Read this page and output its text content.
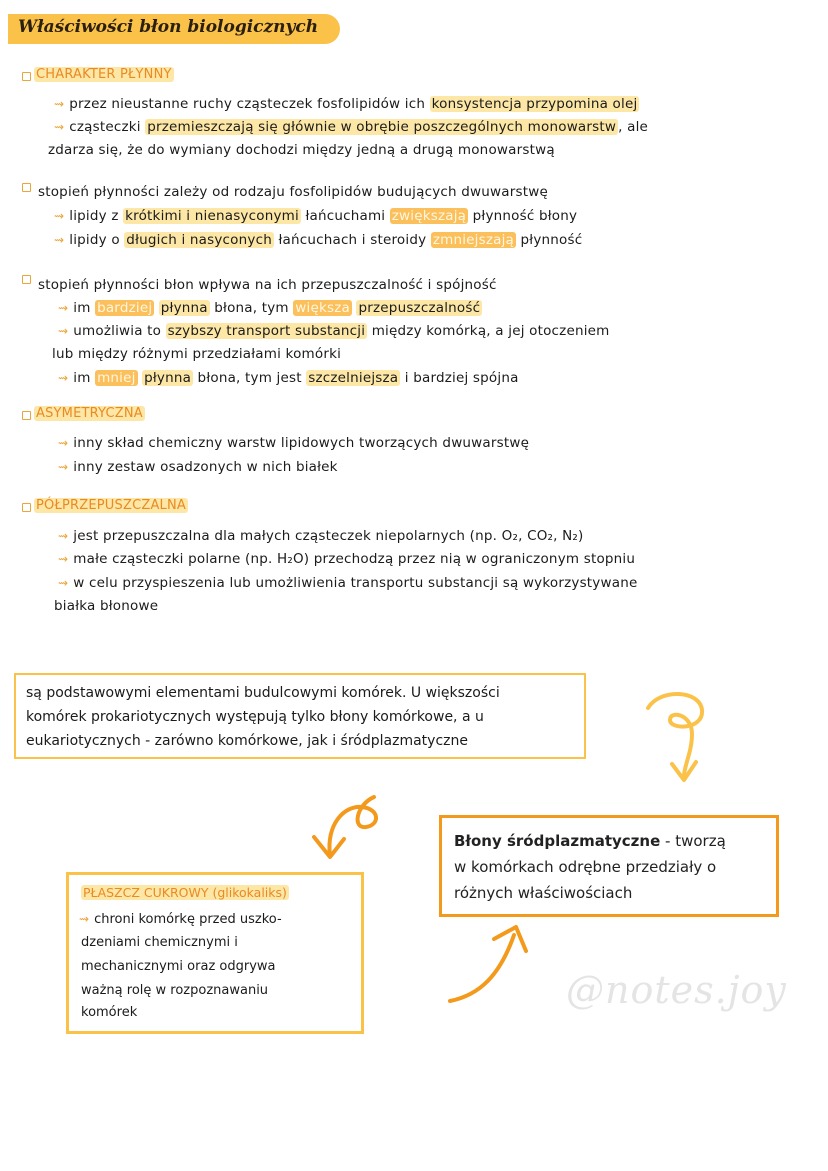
Właściwości błon biologicznych
CHARAKTER PŁYNNY
⇝ przez nieustanne ruchy cząsteczek fosfolipidów ich konsystencja przypomina olej
⇝ cząsteczki przemieszczają się głównie w obrębie poszczególnych monowarstw , ale
zdarza się, że do wymiany dochodzi między jedną a drugą monowarstwą
stopień płynności zależy od rodzaju fosfolipidów budujących dwuwarstwę
⇝ lipidy z krótkimi i nienasyconymi łańcuchami zwiększają płynność błony
⇝ lipidy o długich i nasyconych łańcuchach i steroidy zmniejszają płynność
stopień płynności błon wpływa na ich przepuszczalność i spójność
⇝ im bardziej płynna błona, tym większa przepuszczalność
⇝ umożliwia to szybszy transport substancji między komórką, a jej otoczeniem
lub między różnymi przedziałami komórki
⇝ im mniej płynna błona, tym jest szczelniejsza i bardziej spójna
ASYMETRYCZNA
⇝ inny skład chemiczny warstw lipidowych tworzących dwuwarstwę
⇝ inny zestaw osadzonych w nich białek
PÓŁPRZEPUSZCZALNA
⇝ jest przepuszczalna dla małych cząsteczek niepolarnych (np. O₂, CO₂, N₂)
⇝ małe cząsteczki polarne (np. H₂O) przechodzą przez nią w ograniczonym stopniu
⇝ w celu przyspieszenia lub umożliwienia transportu substancji są wykorzystywane
białka błonowe
są podstawowymi elementami budulcowymi komórek. U większości
komórek prokariotycznych występują tylko błony komórkowe, a u
eukariotycznych - zarówno komórkowe, jak i śródplazmatyczne
Błony śródplazmatyczne - tworzą
w komórkach odrębne przedziały o
różnych właściwościach
PŁASZCZ CUKROWY (glikokaliks)
⇝ chroni komórkę przed uszko-
dzeniami chemicznymi i
mechanicznymi oraz odgrywa
ważną rolę w rozpoznawaniu
komórek
@notes.joy
